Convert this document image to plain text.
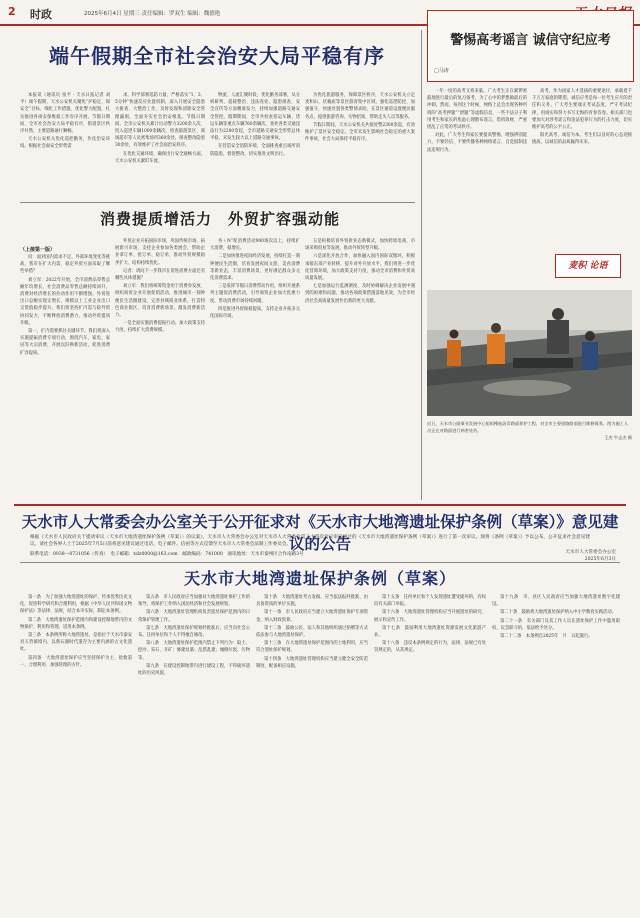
2 时政	2025年6月4日 星期三 责任编辑：罗双生 编辑：魏德艳
端午假期全市社会治安大局平稳有序
本报讯（通讯员 张平 · 天水日报记者 刘平）端午假期，天水公安机关聚焦“护稳定、保安全”目标，细化工作措施，优化警力配置，扎实推进各项安保维稳工作有序开展。节假日期间，全市社会治安大局平稳有序，街道景区秩序井然，主要道路通行顺畅。
天水公安机关优化巡控勤务，作化治安环境。根据社会面安全形势需
求，科学部署巡防力量，严格落实“1、3、5分钟”快速反应处置机制，深入开展安全隐患大排查、大整治工作，及时发现和清除安全管理漏洞，全面夯实社会治安根基。节假日期间，全市公安机关累计出动警力3200余人次、投入巡逻车辆1000余辆次、检查旅游景区、商场超市等人员密集场所360余处，排查整改隐患30余处，有效维护了社会面治安秩序。
在优化交通环境，确保出行安全通畅方面，天水公安机关紧盯车流、
物流、人流汇聚时段，优化勤务部署，从分析研判、超载整治、违法查处、隐患排查，安全宣传等方面精准发力，持续加强道路交通安全管控。假期期间，全市共检查客运车辆、货运车辆等重点车辆760余辆次，查处各类交通违法行为2200余起，全市道路交通安全形势总体平稳，未发生较大以上道路交通事故。
在营造安全消防环境，全面排查重点场所消防隐患，督促整改，切实推进文明出行。
为优化旅游服务，保障景区秩序，天水公安机关立足麦积山、伏羲庙等景区游客集中区域，强化巡逻防控，加强值守，快速处置各类警情求助，在景区通道设置便民服务点，提供旅游咨询、失物招领、帮助走失人员等服务。
节假日期间，天水公安机关共接处警2300余起，有效维护了景区安全稳定。全市未发生影响社会稳定的重大案件事故，社会大局保持平稳有序。
消费提质增活力　外贸扩容强动能
（上接第一版）
问：面对国内需求不足、外部环境变化等挑战，我市在扩大内需、稳定外贸方面采取了哪些举措？
刘立军：2022年开始，全市消费品零售总额年均增长，社会消费品零售总额持续回升，消费对经济增长的拉动作用不断增强。外贸进出口总额实现正增长，规模以上工业企业出口交货值稳步提升。我们将坚持扩内需与稳外贸协同发力，不断释放消费潜力，推动外贸提质升级。
第一，扩内需要抓住关键环节。我们将深入实施提振消费专项行动，围绕汽车、家电、家居等大宗消费，开展以旧换新活动，促进消费扩容提质。
外贸企业开拓国际市场，巩固传统市场，拓展新兴市场，支持企业参加各类展会，帮助企业拿订单、抢订单、稳订单，推动外贸规模稳步扩大、结构持续优化。
记者：请问下一步我市在促进消费方面还有哪些具体措施？
刘立军：我们将统筹资金用于消费券发放，组织商贸企业开展促销活动，推进城市一刻钟便民生活圈建设，完善县域商业体系，打造特色商业街区，培育消费新场景，激发消费新活力。
一是全面实施消费提振行动。加大政策支持力度，持续扩大消费规模。
务＋N”促消费活动900场次以上，持续扩大消费，稳增长。
二是加快推进夜间经济发展，持续打造一刻钟便民生活圈，培育发展夜间文旅、美食消费等新业态，丰富消费场景，更好满足群众多元化消费需求。
三是发挥节假日消费带动作用，组织开展系列主题促消费活动，引导商贸企业加大优惠力度，带动消费市场持续回暖。
四是推进外贸保稳提质，支持企业开拓多元化国际市场。
五是积极培育外贸新业态新模式，加快跨境电商、市场采购贸易等发展，推动外贸转型升级。
六是深化开放合作，加快融入国内国际双循环，积极承接东部产业转移，提升对外开放水平。我们将进一步优化营商环境，加大政策支持力度，推动全市消费和外贸高质量发展。
七是加强运行监测调度，及时协调解决企业发展中遇到的困难和问题，推动各项政策措施落地见效，为全市经济社会高质量发展作出新的更大贡献。
警惕高考谣言 诚信守纪应考
□马涛
一年一度的高考又将来临。广大考生正在紧锣密鼓地进行最后的复习备考，为了心中的梦想做最后的冲刺。然而，每到这个时候，网络上总会出现各种所谓的“高考押题”“泄题”等虚假信息，一些不法分子利用考生和家长的焦虑心理散布谣言，借机敛财，严重扰乱了正常的考试秩序。
对此，广大考生和家长要提高警惕，增强辨别能力，不要轻信、不要传播各种网络谣言，自觉抵制违法违规行为。
高考，作为国家人才选拔的重要途径，承载着千千万万家庭的期望。诚信应考是每一位考生应尽的责任和义务。广大考生要端正考试态度，严守考试纪律，用诚实和努力书写无悔的青春答卷。相关部门也要加大对涉考谣言和违法犯罪行为的打击力度，切实维护高考的公平公正。
阳光高考，诚信为本。考生们以良好的心态迎接挑战，以诚信的品质赢得未来。
麦积 论语
近日，天水市公路事业发展中心组织橡胶沥青路面养护工程，对全市主要道路路面进行维修保养。图为施工人员正在对路面进行病害处治。
王杰 牛志杰 摄
天水市人大常委会办公室关于公开征求对《天水市大地湾遗址保护条例（草案）》意见建议的公告
根据《天水市人民政府关于提请审议〈天水市大地湾遗址保护条例（草案）〉的议案》，天水市人大常委会办公室对天水市人大常委会第二十四次会议审议通过的《天水市大地湾遗址保护条例（草案）》进行了第一次审议。现将《条例（草案）》予以公布，公开征求社会意见建议。请社会各界人士于2025年7月5日前将意见建议通过电话、电子邮件、信函等方式反馈至天水市人大常委会法制工作委员会。
联系电话：0938—8731056（传真）　电子邮箱：tslz0000@163.com　邮政编码：741000　通讯地址：天水市秦州区合作南路3号	天水市人大常委会办公室
2025年6月3日
天水市大地湾遗址保护条例（草案）
第一条　为了加强大地湾遗址的保护，传承优秀历史文化，促进科学研究和合理利用，根据《中华人民共和国文物保护法》等法律、法规，结合本市实际，制定本条例。
第二条　大地湾遗址保护范围内和建设控制地带内的文物保护、利用和管理，适用本条例。
第三条　本条例所称大地湾遗址，是指位于天水市秦安县五营镇境内、以新石器时代遗存为主要内涵的古文化遗址。
第四条　大地湾遗址保护应当坚持保护为主、抢救第一、合理利用、加强管理的方针。
第五条　市人民政府应当加强对大地湾遗址保护工作的领导，将保护工作纳入国民经济和社会发展规划。
第六条　大地湾遗址管理机构负责遗址保护范围内的日常保护管理工作。
第七条　大地湾遗址保护规划经批准后，应当向社会公布。任何单位和个人不得擅自修改。
第八条　大地湾遗址保护范围内禁止下列行为：取土、挖沙、采石、开矿；修建坟墓；乱搭乱建；倾倒垃圾、污物等。
第九条　在建设控制地带内进行建设工程，不得破坏遗址的历史风貌。
第十条　大地湾遗址考古发掘，应当依法报经批准，由具备资质的单位实施。
第十一条　市人民政府应当建立大地湾遗址保护专项资金，纳入财政预算。
第十二条　鼓励公民、法人和其他组织通过捐赠等方式依法参与大地湾遗址保护。
第十三条　在大地湾遗址保护范围内的土地利用，应当符合遗址保护规划。
第十四条　大地湾遗址管理机构应当建立健全安全防范制度，配备相应设施。
第十五条　任何单位和个人发现遗址遭受破坏的，有权向有关部门举报。
第十六条　大地湾遗址管理机构应当开展遗址的研究、展示和宣传工作。
第十七条　鼓励利用大地湾遗址资源发展文化旅游产业。
第十八条　违反本条例规定的行为，法律、法规已有处罚规定的，从其规定。
第十九条　市、县区人民政府应当加强大地湾遗址数字化建设。
第二十条　鼓励将大地湾遗址保护纳入中小学教育实践活动。
第二十一条　有关部门及其工作人员在遗址保护工作中滥用职权、玩忽职守的，依法给予处分。
第二十二条　本条例自2025年　月　日起施行。
